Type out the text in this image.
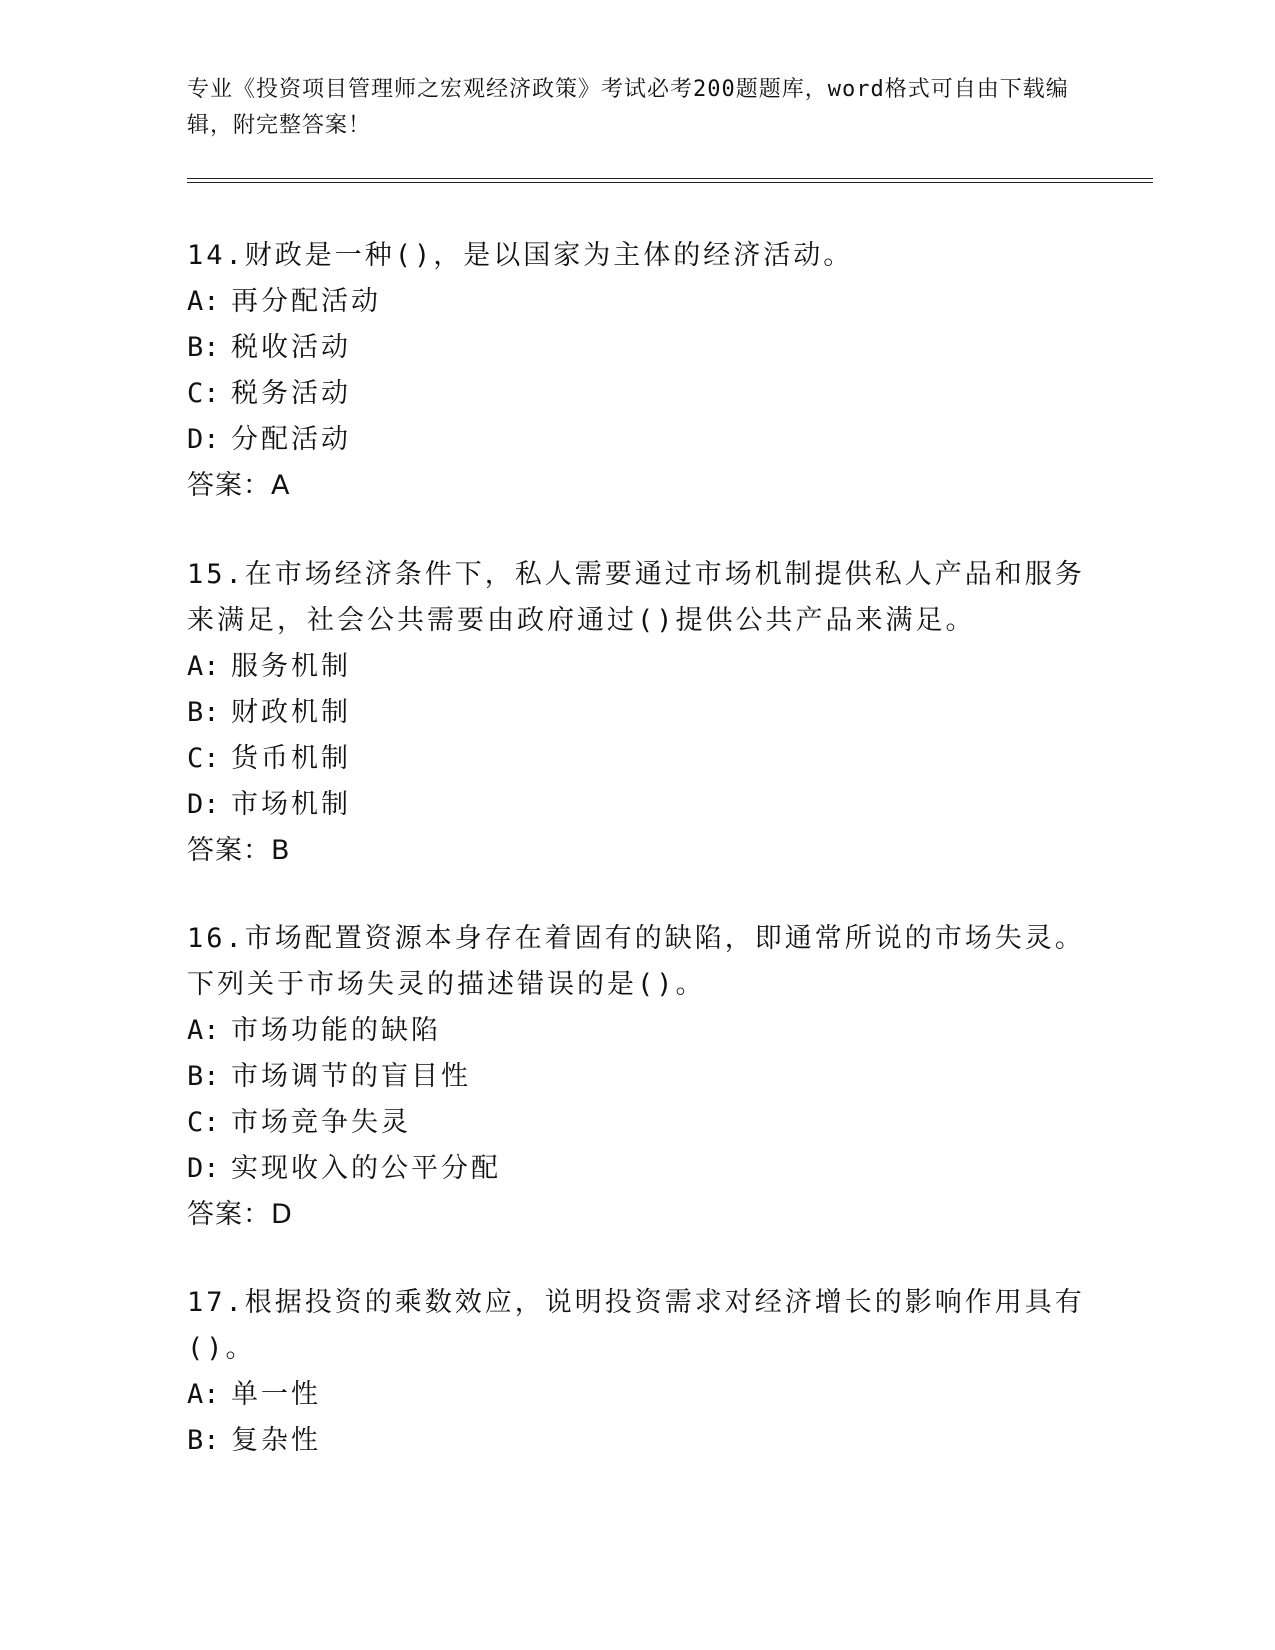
专业《投资项目管理师之宏观经济政策》考试必考200题题库，word格式可自由下载编辑，附完整答案！

14.财政是一种()，是以国家为主体的经济活动。

A: 再分配活动

B: 税收活动

C: 税务活动

D: 分配活动

答案：A

15.在市场经济条件下，私人需要通过市场机制提供私人产品和服务来满足，社会公共需要由政府通过()提供公共产品来满足。

A: 服务机制

B: 财政机制

C: 货币机制

D: 市场机制

答案：B

16.市场配置资源本身存在着固有的缺陷，即通常所说的市场失灵。下列关于市场失灵的描述错误的是()。

A: 市场功能的缺陷

B: 市场调节的盲目性

C: 市场竞争失灵

D: 实现收入的公平分配

答案：D

17.根据投资的乘数效应，说明投资需求对经济增长的影响作用具有()。

A: 单一性

B: 复杂性
